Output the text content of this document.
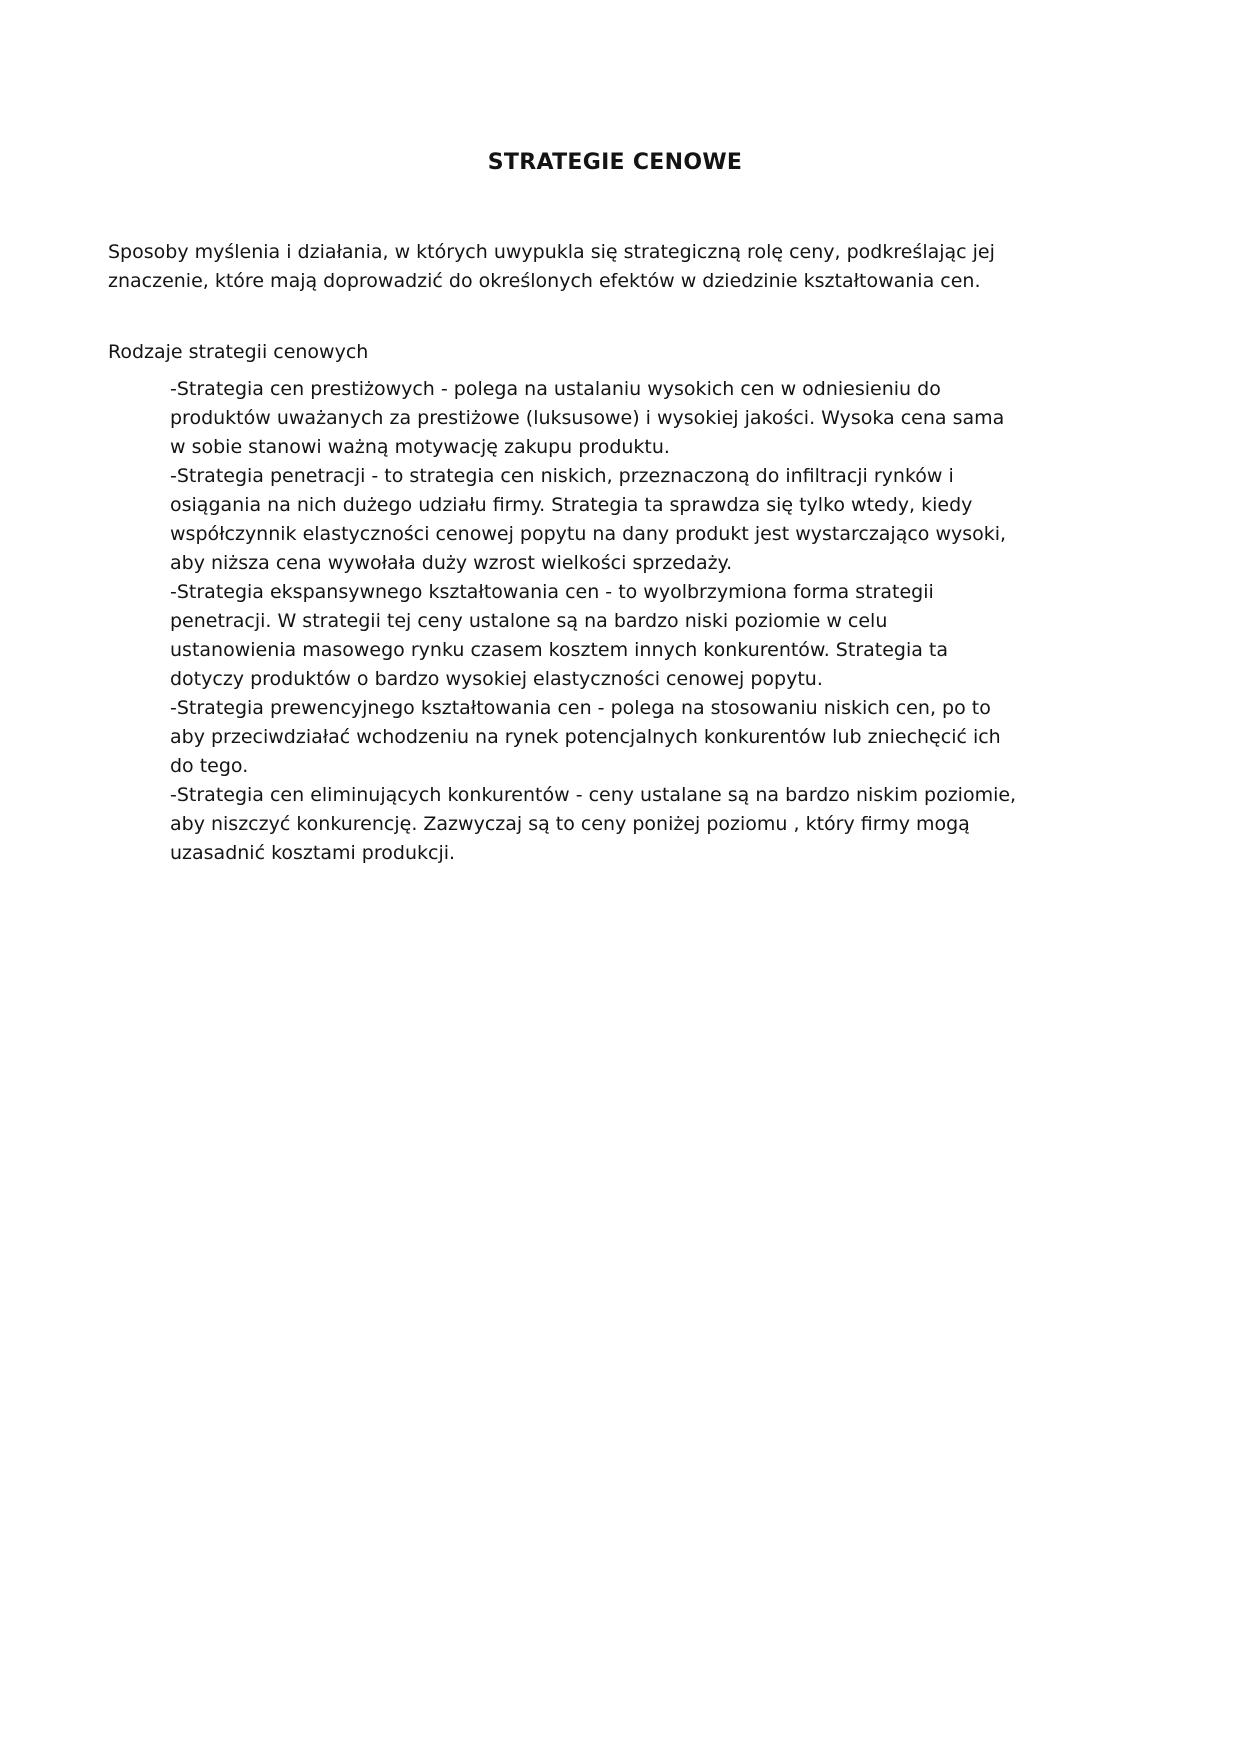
STRATEGIE CENOWE

Sposoby myślenia i działania, w których uwypukla się strategiczną rolę ceny, podkreślając jej znaczenie, które mają doprowadzić do określonych efektów w dziedzinie kształtowania cen.

Rodzaje strategii cenowych

-Strategia cen prestiżowych - polega na ustalaniu wysokich cen w odniesieniu do produktów uważanych za prestiżowe (luksusowe) i wysokiej jakości. Wysoka cena sama w sobie stanowi ważną motywację zakupu produktu.

-Strategia penetracji - to strategia cen niskich, przeznaczoną do infiltracji rynków i osiągania na nich dużego udziału firmy. Strategia ta sprawdza się tylko wtedy, kiedy współczynnik elastyczności cenowej popytu na dany produkt jest wystarczająco wysoki, aby niższa cena wywołała duży wzrost wielkości sprzedaży.

-Strategia ekspansywnego kształtowania cen - to wyolbrzymiona forma strategii penetracji. W strategii tej ceny ustalone są na bardzo niski poziomie w celu ustanowienia masowego rynku czasem kosztem innych konkurentów. Strategia ta dotyczy produktów o bardzo wysokiej elastyczności cenowej popytu.

-Strategia prewencyjnego kształtowania cen - polega na stosowaniu niskich cen, po to aby przeciwdziałać wchodzeniu na rynek potencjalnych konkurentów lub zniechęcić ich do tego.

-Strategia cen eliminujących konkurentów - ceny ustalane są na bardzo niskim poziomie, aby niszczyć konkurencję. Zazwyczaj są to ceny poniżej poziomu , który firmy mogą uzasadnić kosztami produkcji.
